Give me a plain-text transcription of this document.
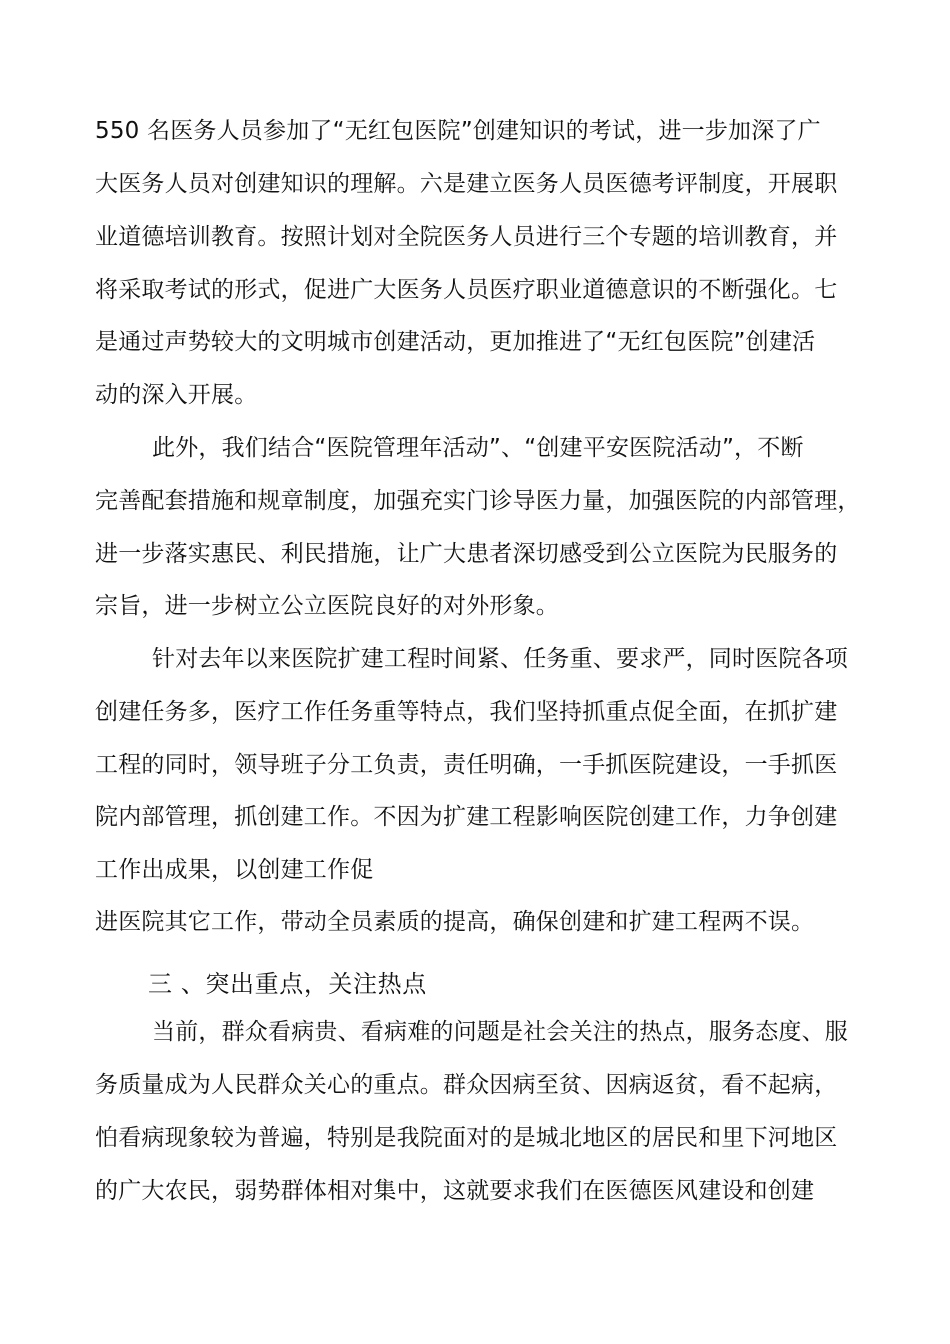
550 名医务人员参加了“无红包医院”创建知识的考试，进一步加深了广
大医务人员对创建知识的理解。六是建立医务人员医德考评制度，开展职
业道德培训教育。按照计划对全院医务人员进行三个专题的培训教育，并
将采取考试的形式，促进广大医务人员医疗职业道德意识的不断强化。七
是通过声势较大的文明城市创建活动，更加推进了“无红包医院”创建活
动的深入开展。
此外，我们结合“医院管理年活动”、“创建平安医院活动”，不断
完善配套措施和规章制度，加强充实门诊导医力量，加强医院的内部管理，
进一步落实惠民、利民措施，让广大患者深切感受到公立医院为民服务的
宗旨，进一步树立公立医院良好的对外形象。
针对去年以来医院扩建工程时间紧、任务重、要求严，同时医院各项
创建任务多，医疗工作任务重等特点，我们坚持抓重点促全面，在抓扩建
工程的同时，领导班子分工负责，责任明确，一手抓医院建设，一手抓医
院内部管理，抓创建工作。不因为扩建工程影响医院创建工作，力争创建
工作出成果，以创建工作促
进医院其它工作，带动全员素质的提高，确保创建和扩建工程两不误。
三 、突出重点，关注热点
当前，群众看病贵、看病难的问题是社会关注的热点，服务态度、服
务质量成为人民群众关心的重点。群众因病至贫、因病返贫，看不起病，
怕看病现象较为普遍，特别是我院面对的是城北地区的居民和里下河地区
的广大农民，弱势群体相对集中，这就要求我们在医德医风建设和创建
